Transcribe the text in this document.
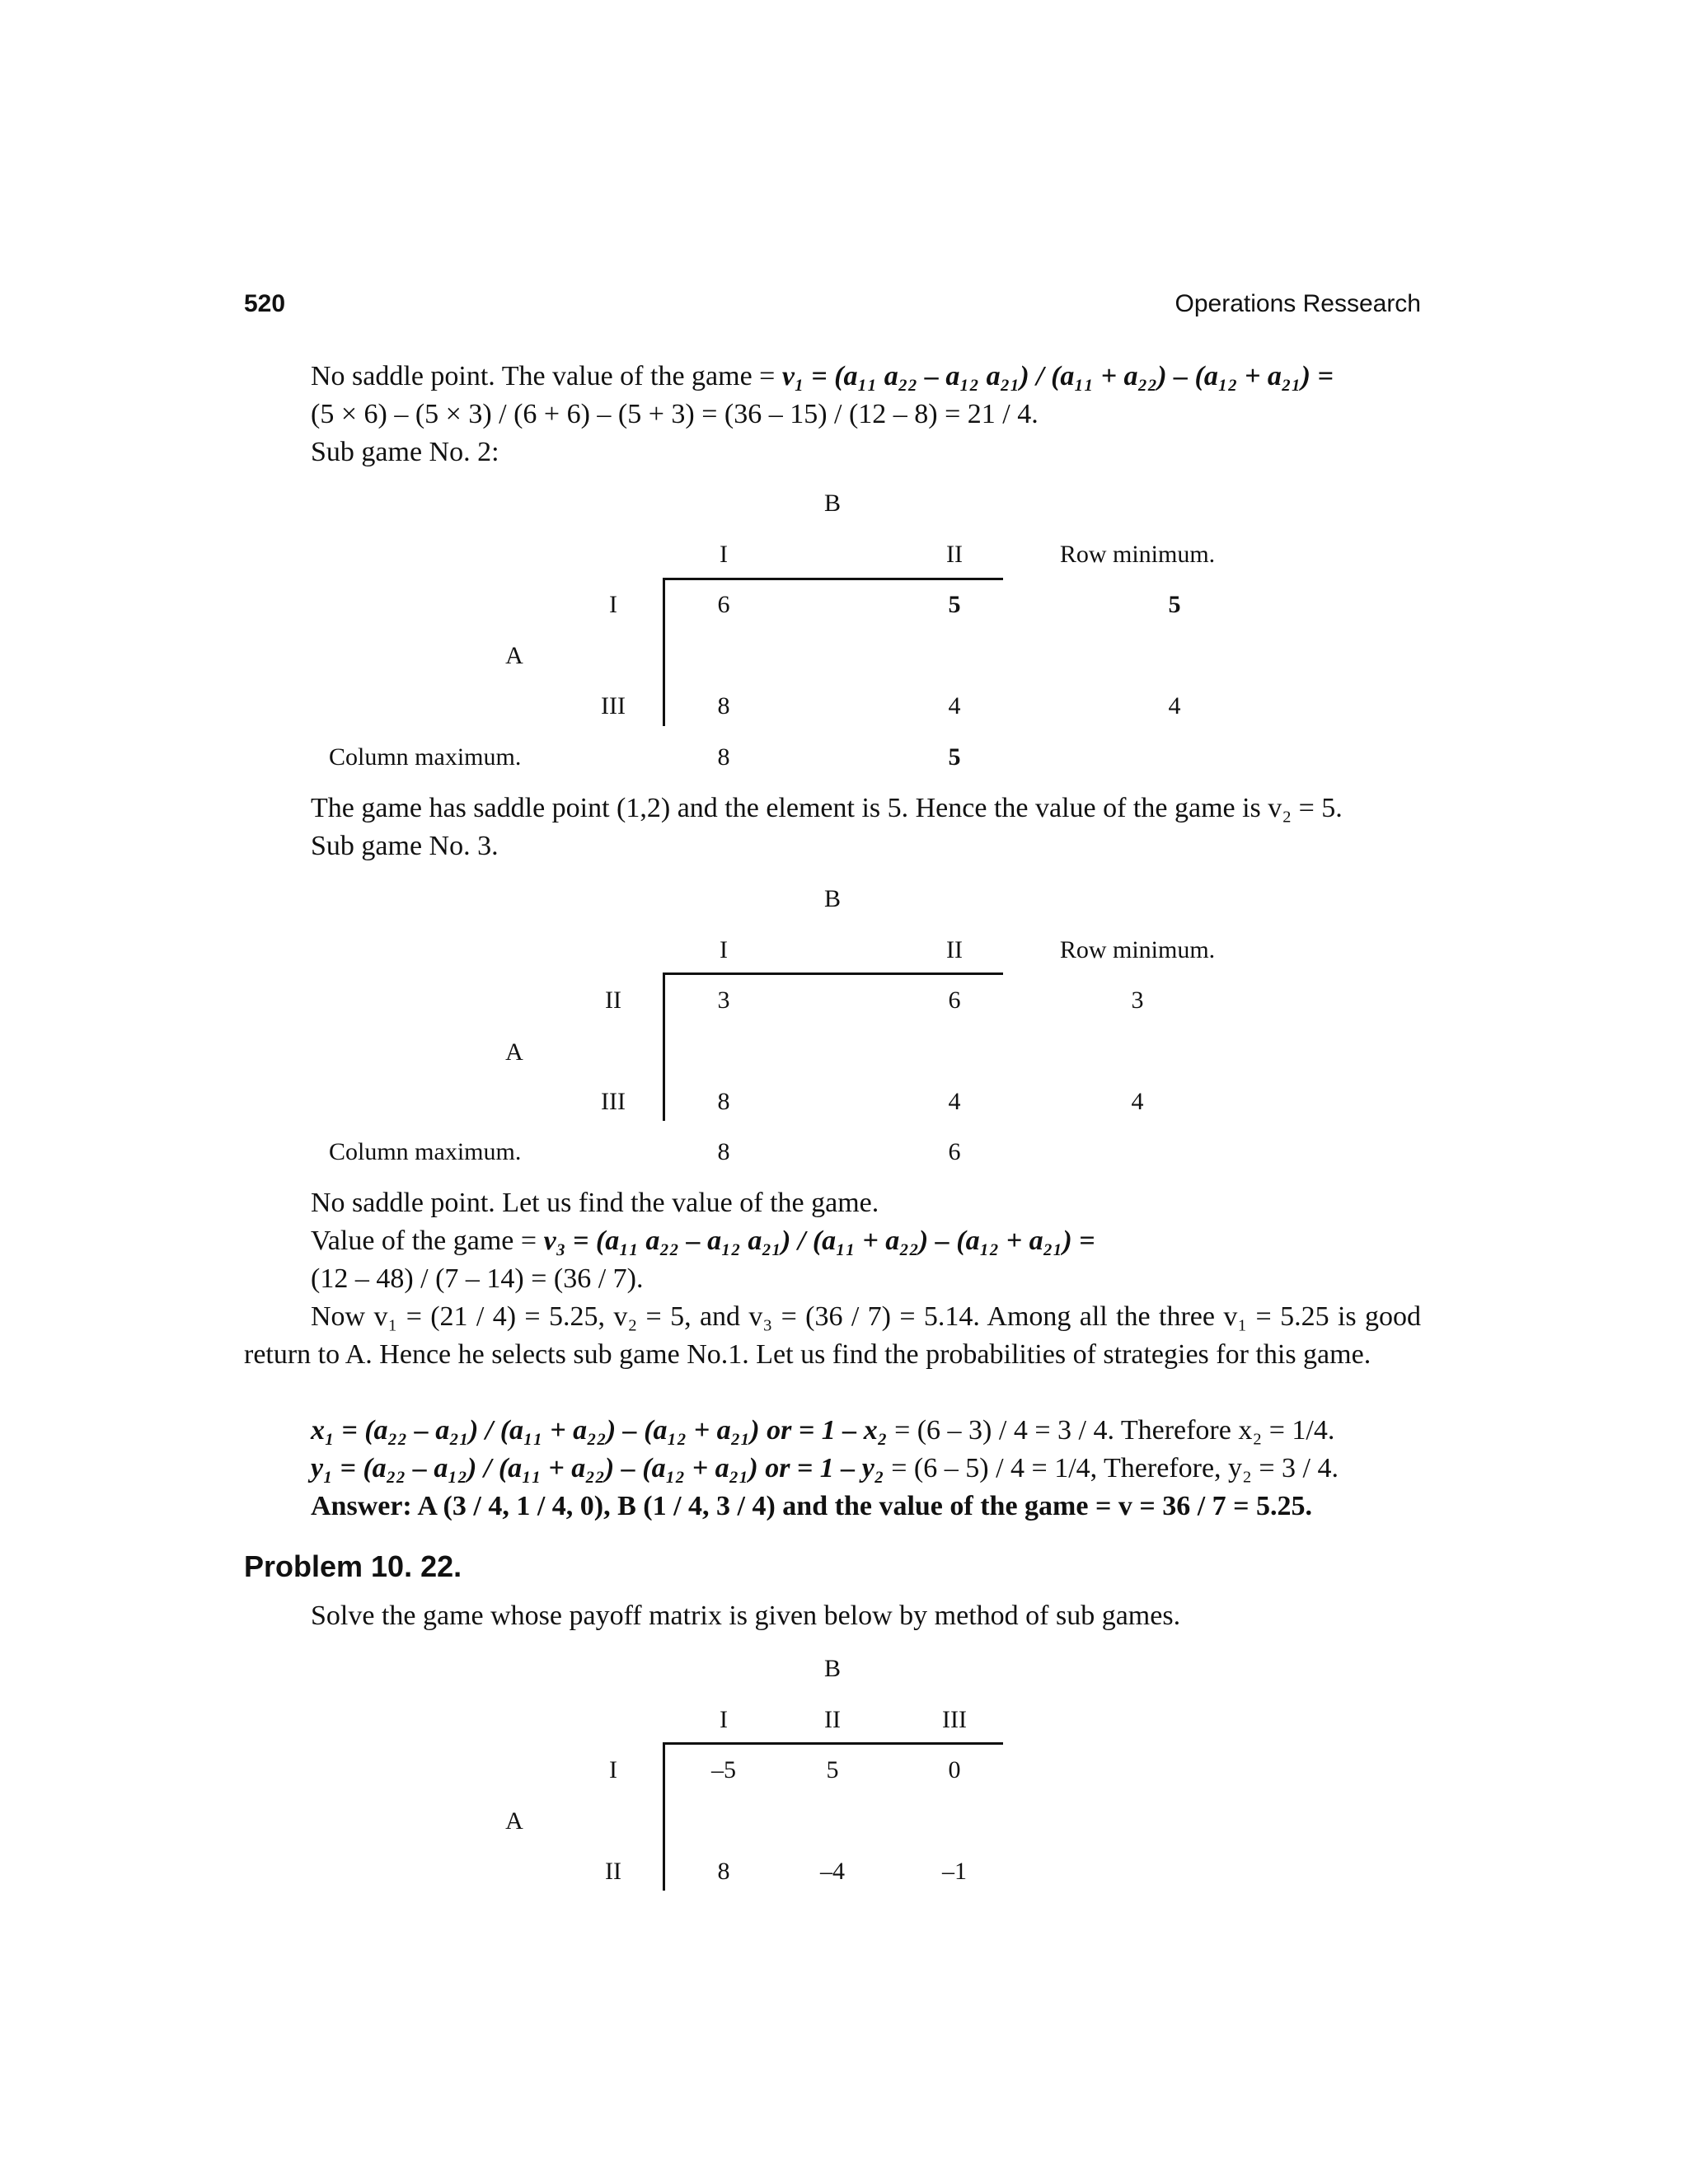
520	Operations Ressearch
No saddle point. The value of the game = v₁ = (a₁₁ a₂₂ – a₁₂ a₂₁) / (a₁₁ + a₂₂) – (a₁₂ + a₂₁) =
(5 × 6) – (5 × 3) / (6 + 6) – (5 + 3) = (36 – 15) / (12 – 8) = 21 / 4.
Sub game No. 2:
B
I	II	Row minimum.
I	6	5	5
A
III	8	4	4
Column maximum.	8	5
The game has saddle point (1,2) and the element is 5. Hence the value of the game is v₂ = 5.
Sub game No. 3.
B
I	II	Row minimum.
II	3	6	3
A
III	8	4	4
Column maximum.	8	6
No saddle point. Let us find the value of the game.
Value of the game = v₃ = (a₁₁ a₂₂ – a₁₂ a₂₁) / (a₁₁ + a₂₂) – (a₁₂ + a₂₁) =
(12 – 48) / (7 – 14) = (36 / 7).
Now v₁ = (21 / 4) = 5.25, v₂ = 5, and v₃ = (36 / 7) = 5.14. Among all the three v₁ = 5.25 is good return to A. Hence he selects sub game No.1. Let us find the probabilities of strategies for this game.
x₁ = (a₂₂ – a₂₁) / (a₁₁ + a₂₂) – (a₁₂ + a₂₁) or = 1 – x₂ = (6 – 3) / 4 = 3 / 4. Therefore x₂ = 1/4.
y₁ = (a₂₂ – a₁₂) / (a₁₁ + a₂₂) – (a₁₂ + a₂₁) or = 1 – y₂ = (6 – 5) / 4 = 1/4, Therefore, y₂ = 3 / 4.
Answer: A (3 / 4, 1 / 4, 0), B (1 / 4, 3 / 4) and the value of the game = v = 36 / 7 = 5.25.
Problem 10. 22.
Solve the game whose payoff matrix is given below by method of sub games.
B
I	II	III
I	–5	5	0
A
II	8	–4	–1
